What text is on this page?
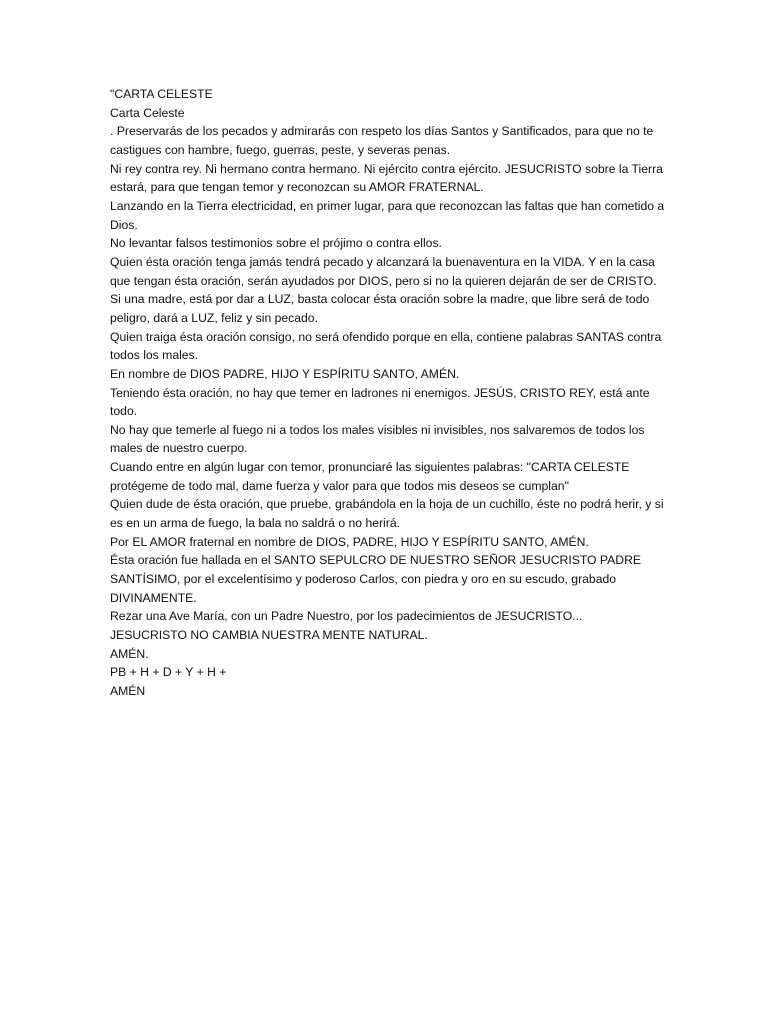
"CARTA CELESTE

Carta Celeste

. Preservarás de los pecados y admirarás con respeto los días Santos y Santificados, para que no te castigues con hambre, fuego, guerras, peste, y severas penas.

Ni rey contra rey. Ni hermano contra hermano. Ni ejército contra ejército. JESUCRISTO sobre la Tierra estará, para que tengan temor y reconozcan su AMOR FRATERNAL.

Lanzando en la Tierra electricidad, en primer lugar, para que reconozcan las faltas que han cometido a Dios.

No levantar falsos testimonios sobre el prójimo o contra ellos.

Quien ésta oración tenga jamás tendrá pecado y alcanzará la buenaventura en la VIDA. Y en la casa que tengan ésta oración, serán ayudados por DIOS, pero si no la quieren dejarán de ser de CRISTO.

Si una madre, está por dar a LUZ, basta colocar ésta oración sobre la madre, que libre será de todo peligro, dará a LUZ, feliz y sin pecado.

Quien traiga ésta oración consigo, no será ofendido porque en ella, contiene palabras SANTAS contra todos los males.

En nombre de DIOS PADRE, HIJO Y ESPÍRITU SANTO, AMÉN.

Teniendo ésta oración, no hay que temer en ladrones ni enemigos. JESÚS, CRISTO REY, está ante todo.

No hay que temerle al fuego ni a todos los males visibles ni invisibles, nos salvaremos de todos los males de nuestro cuerpo.

Cuando entre en algún lugar con temor, pronunciaré las siguientes palabras: "CARTA CELESTE protégeme de todo mal, dame fuerza y valor para que todos mis deseos se cumplan"

Quien dude de ésta oración, que pruebe, grabándola en la hoja de un cuchillo, éste no podrá herir, y si es en un arma de fuego, la bala no saldrá o no herirá.

Por EL AMOR fraternal en nombre de DIOS, PADRE, HIJO Y ESPÍRITU SANTO, AMÉN.

Ésta oración fue hallada en el SANTO SEPULCRO DE NUESTRO SEÑOR JESUCRISTO PADRE SANTÍSIMO, por el excelentísimo y poderoso Carlos, con piedra y oro en su escudo, grabado DIVINAMENTE.

Rezar una Ave María, con un Padre Nuestro, por los padecimientos de JESUCRISTO...

JESUCRISTO NO CAMBIA NUESTRA MENTE NATURAL.

AMÉN.

PB + H + D + Y + H +

AMÉN
